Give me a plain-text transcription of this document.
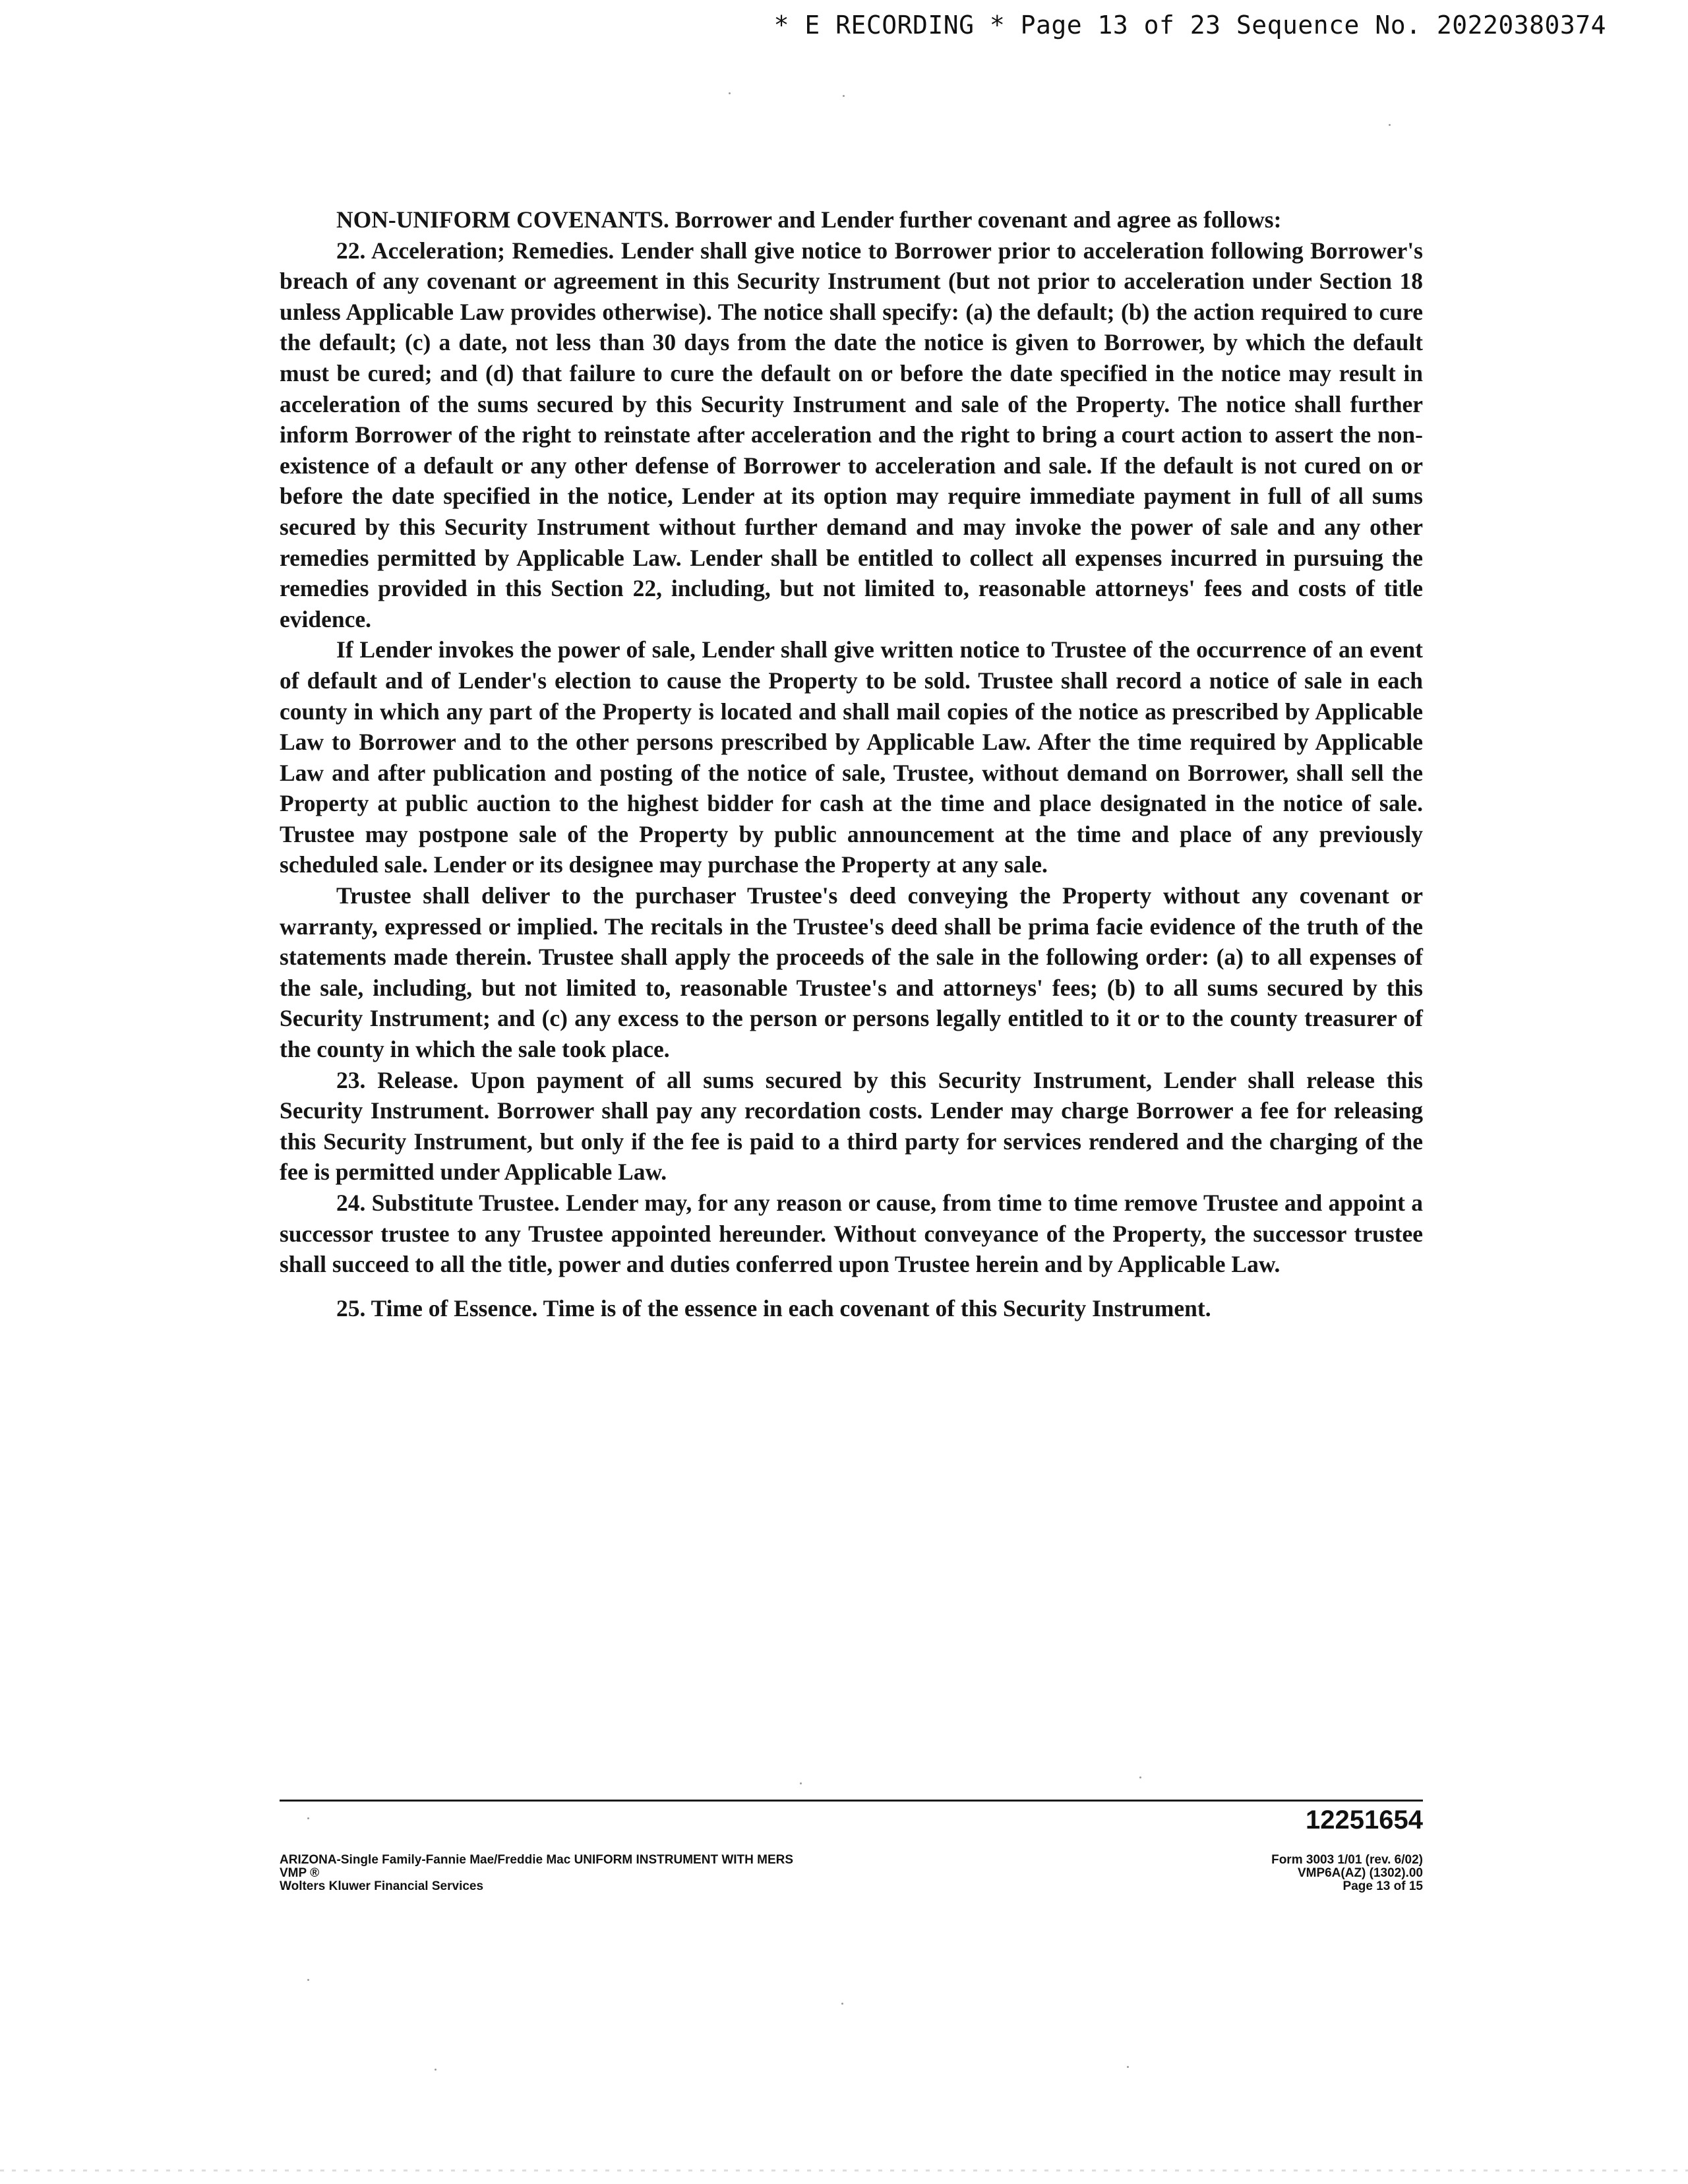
* E RECORDING * Page 13 of 23 Sequence No. 20220380374

NON-UNIFORM COVENANTS. Borrower and Lender further covenant and agree as follows:

22. Acceleration; Remedies. Lender shall give notice to Borrower prior to acceleration following Borrower's breach of any covenant or agreement in this Security Instrument (but not prior to acceleration under Section 18 unless Applicable Law provides otherwise). The notice shall specify: (a) the default; (b) the action required to cure the default; (c) a date, not less than 30 days from the date the notice is given to Borrower, by which the default must be cured; and (d) that failure to cure the default on or before the date specified in the notice may result in acceleration of the sums secured by this Security Instrument and sale of the Property. The notice shall further inform Borrower of the right to reinstate after acceleration and the right to bring a court action to assert the non-existence of a default or any other defense of Borrower to acceleration and sale. If the default is not cured on or before the date specified in the notice, Lender at its option may require immediate payment in full of all sums secured by this Security Instrument without further demand and may invoke the power of sale and any other remedies permitted by Applicable Law. Lender shall be entitled to collect all expenses incurred in pursuing the remedies provided in this Section 22, including, but not limited to, reasonable attorneys' fees and costs of title evidence.

If Lender invokes the power of sale, Lender shall give written notice to Trustee of the occurrence of an event of default and of Lender's election to cause the Property to be sold. Trustee shall record a notice of sale in each county in which any part of the Property is located and shall mail copies of the notice as prescribed by Applicable Law to Borrower and to the other persons prescribed by Applicable Law. After the time required by Applicable Law and after publication and posting of the notice of sale, Trustee, without demand on Borrower, shall sell the Property at public auction to the highest bidder for cash at the time and place designated in the notice of sale. Trustee may postpone sale of the Property by public announcement at the time and place of any previously scheduled sale. Lender or its designee may purchase the Property at any sale.

Trustee shall deliver to the purchaser Trustee's deed conveying the Property without any covenant or warranty, expressed or implied. The recitals in the Trustee's deed shall be prima facie evidence of the truth of the statements made therein. Trustee shall apply the proceeds of the sale in the following order: (a) to all expenses of the sale, including, but not limited to, reasonable Trustee's and attorneys' fees; (b) to all sums secured by this Security Instrument; and (c) any excess to the person or persons legally entitled to it or to the county treasurer of the county in which the sale took place.

23. Release. Upon payment of all sums secured by this Security Instrument, Lender shall release this Security Instrument. Borrower shall pay any recordation costs. Lender may charge Borrower a fee for releasing this Security Instrument, but only if the fee is paid to a third party for services rendered and the charging of the fee is permitted under Applicable Law.

24. Substitute Trustee. Lender may, for any reason or cause, from time to time remove Trustee and appoint a successor trustee to any Trustee appointed hereunder. Without conveyance of the Property, the successor trustee shall succeed to all the title, power and duties conferred upon Trustee herein and by Applicable Law.

25. Time of Essence. Time is of the essence in each covenant of this Security Instrument.

12251654
ARIZONA-Single Family-Fannie Mae/Freddie Mac UNIFORM INSTRUMENT WITH MERS
VMP ®
Wolters Kluwer Financial Services
Form 3003 1/01 (rev. 6/02)
VMP6A(AZ) (1302).00
Page 13 of 15
